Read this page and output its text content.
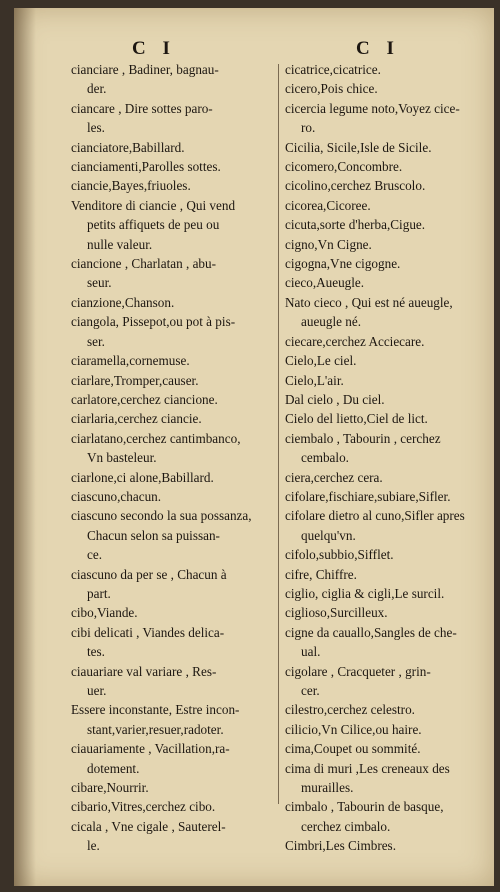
C I	C I
cianciare , Badiner, bagnau-
der.
ciancare , Dire sottes paro-
les.
cianciatore,Babillard.
cianciamenti,Parolles sottes.
ciancie,Bayes,friuoles.
Venditore di ciancie , Qui vend
petits affiquets de peu ou
nulle valeur.
ciancione , Charlatan , abu-
seur.
cianzione,Chanson.
ciangola, Pissepot,ou pot à pis-
ser.
ciaramella,cornemuse.
ciarlare,Tromper,causer.
carlatore,cerchez ciancione.
ciarlaria,cerchez ciancie.
ciarlatano,cerchez cantimbanco,
Vn basteleur.
ciarlone,ci alone,Babillard.
ciascuno,chacun.
ciascuno secondo la sua possanza,
Chacun selon sa puissan-
ce.
ciascuno da per se , Chacun à
part.
cibo,Viande.
cibi delicati , Viandes delica-
tes.
ciauariare val variare , Res-
uer.
Essere inconstante, Estre incon-
stant,varier,resuer,radoter.
ciauariamente , Vacillation,ra-
dotement.
cibare,Nourrir.
cibario,Vitres,cerchez cibo.
cicala , Vne cigale , Sauterel-
le.
cicatrice,cicatrice.
cicero,Pois chice.
cicercia legume noto,Voyez cice-
ro.
Cicilia, Sicile,Isle de Sicile.
cicomero,Concombre.
cicolino,cerchez Bruscolo.
cicorea,Cicoree.
cicuta,sorte d'herba,Cigue.
cigno,Vn Cigne.
cigogna,Vne cigogne.
cieco,Aueugle.
Nato cieco , Qui est né aueugle,
aueugle né.
ciecare,cerchez Acciecare.
Cielo,Le ciel.
Cielo,L'air.
Dal cielo , Du ciel.
Cielo del lietto,Ciel de lict.
ciembalo , Tabourin , cerchez
cembalo.
ciera,cerchez cera.
cifolare,fischiare,subiare,Sifler.
cifolare dietro al cuno,Sifler apres
quelqu'vn.
cifolo,subbio,Sifflet.
cifre, Chiffre.
ciglio, ciglia & cigli,Le surcil.
ciglioso,Surcilleux.
cigne da cauallo,Sangles de che-
ual.
cigolare , Cracqueter , grin-
cer.
cilestro,cerchez celestro.
cilicio,Vn Cilice,ou haire.
cima,Coupet ou sommité.
cima di muri ,Les creneaux des
murailles.
cimbalo , Tabourin de basque,
cerchez cimbalo.
Cimbri,Les Cimbres.
